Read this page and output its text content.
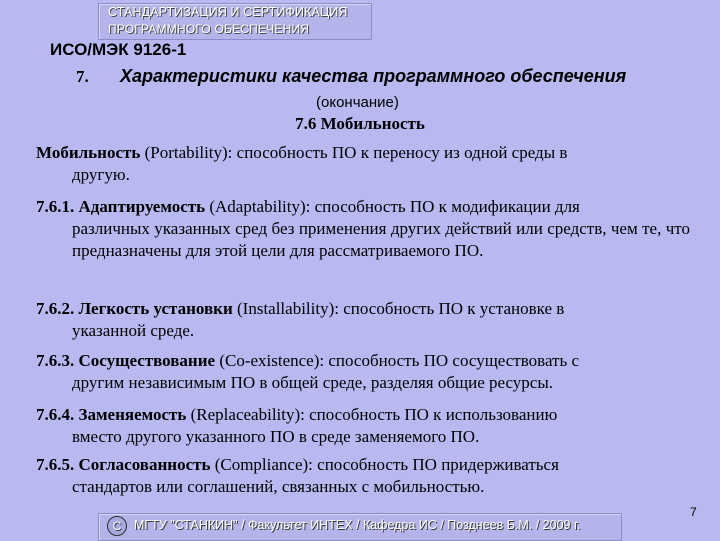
СТАНДАРТИЗАЦИЯ И СЕРТИФИКАЦИЯ
ПРОГРАММНОГО ОБЕСПЕЧЕНИЯ
ИСО/МЭК 9126-1
7. Характеристики качества программного обеспечения
(окончание)
7.6 Мобильность
Мобильность (Portability): способность ПО к переносу из одной среды в
другую.
7.6.1. Адаптируемость (Adaptability): способность ПО к модификации для
различных указанных сред без применения других действий или средств, чем те, что предназначены для этой цели для рассматриваемого ПО.
7.6.2. Легкость установки (Installability): способность ПО к установке в
указанной среде.
7.6.3. Сосуществование (Co-existence): способность ПО сосуществовать с
другим независимым ПО в общей среде, разделяя общие ресурсы.
7.6.4. Заменяемость (Replaceability): способность ПО к использованию
вместо другого указанного ПО в среде заменяемого ПО.
7.6.5. Согласованность (Compliance): способность ПО придерживаться
стандартов или соглашений, связанных с мобильностью.
C	МГТУ "СТАНКИН" / Факультет ИНТЕХ / Кафедра ИС / Позднеев Б.М. / 2009 г.
7
